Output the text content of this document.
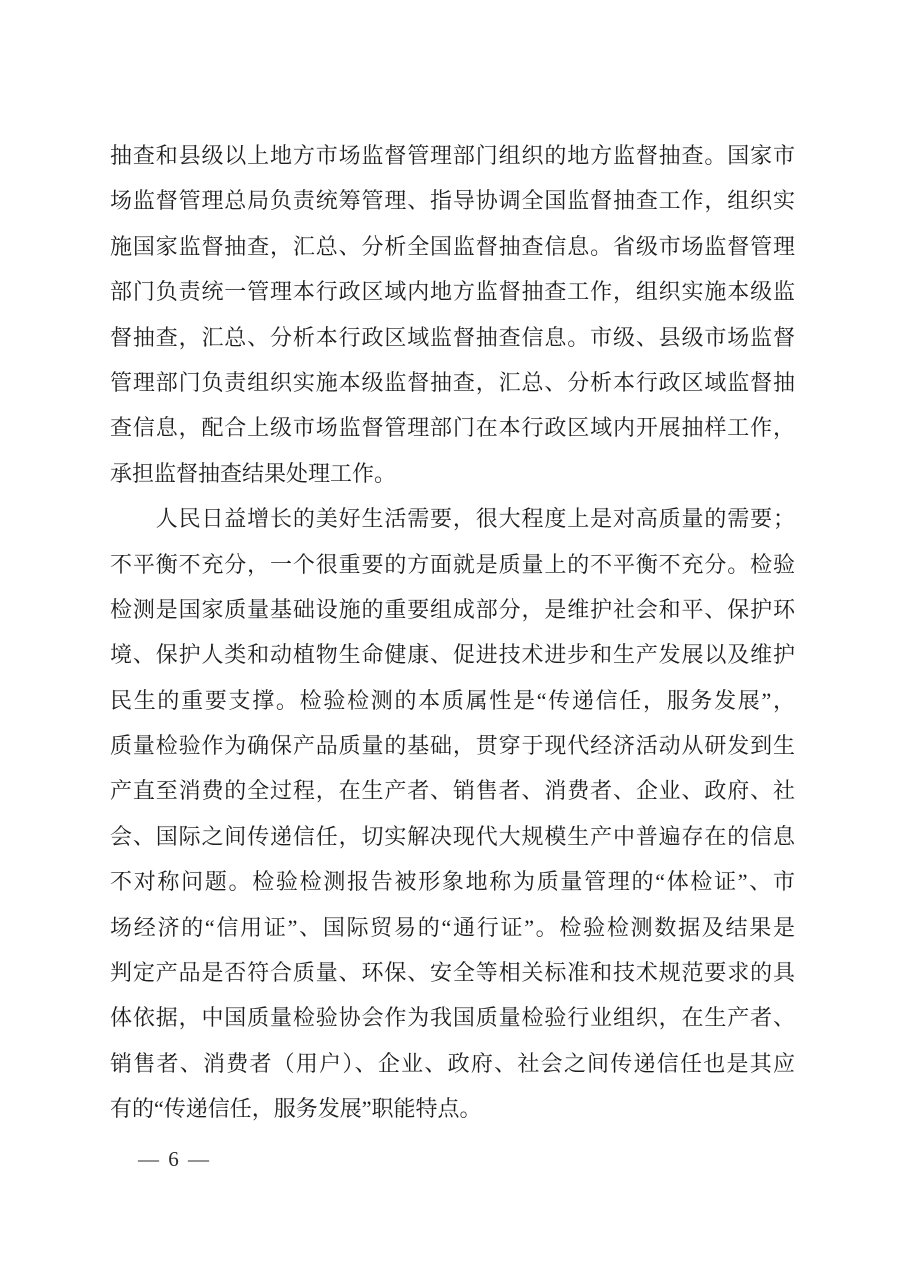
抽查和县级以上地方市场监督管理部门组织的地方监督抽查。国家市
场监督管理总局负责统筹管理、指导协调全国监督抽查工作，组织实
施国家监督抽查，汇总、分析全国监督抽查信息。省级市场监督管理
部门负责统一管理本行政区域内地方监督抽查工作，组织实施本级监
督抽查，汇总、分析本行政区域监督抽查信息。市级、县级市场监督
管理部门负责组织实施本级监督抽查，汇总、分析本行政区域监督抽
查信息，配合上级市场监督管理部门在本行政区域内开展抽样工作，
承担监督抽查结果处理工作。
　　人民日益增长的美好生活需要，很大程度上是对高质量的需要；
不平衡不充分，一个很重要的方面就是质量上的不平衡不充分。检验
检测是国家质量基础设施的重要组成部分，是维护社会和平、保护环
境、保护人类和动植物生命健康、促进技术进步和生产发展以及维护
民生的重要支撑。检验检测的本质属性是“传递信任，服务发展”，
质量检验作为确保产品质量的基础，贯穿于现代经济活动从研发到生
产直至消费的全过程，在生产者、销售者、消费者、企业、政府、社
会、国际之间传递信任，切实解决现代大规模生产中普遍存在的信息
不对称问题。检验检测报告被形象地称为质量管理的“体检证”、市
场经济的“信用证”、国际贸易的“通行证”。检验检测数据及结果是
判定产品是否符合质量、环保、安全等相关标准和技术规范要求的具
体依据，中国质量检验协会作为我国质量检验行业组织，在生产者、
销售者、消费者（用户）、企业、政府、社会之间传递信任也是其应
有的“传递信任，服务发展”职能特点。
— 6 —
